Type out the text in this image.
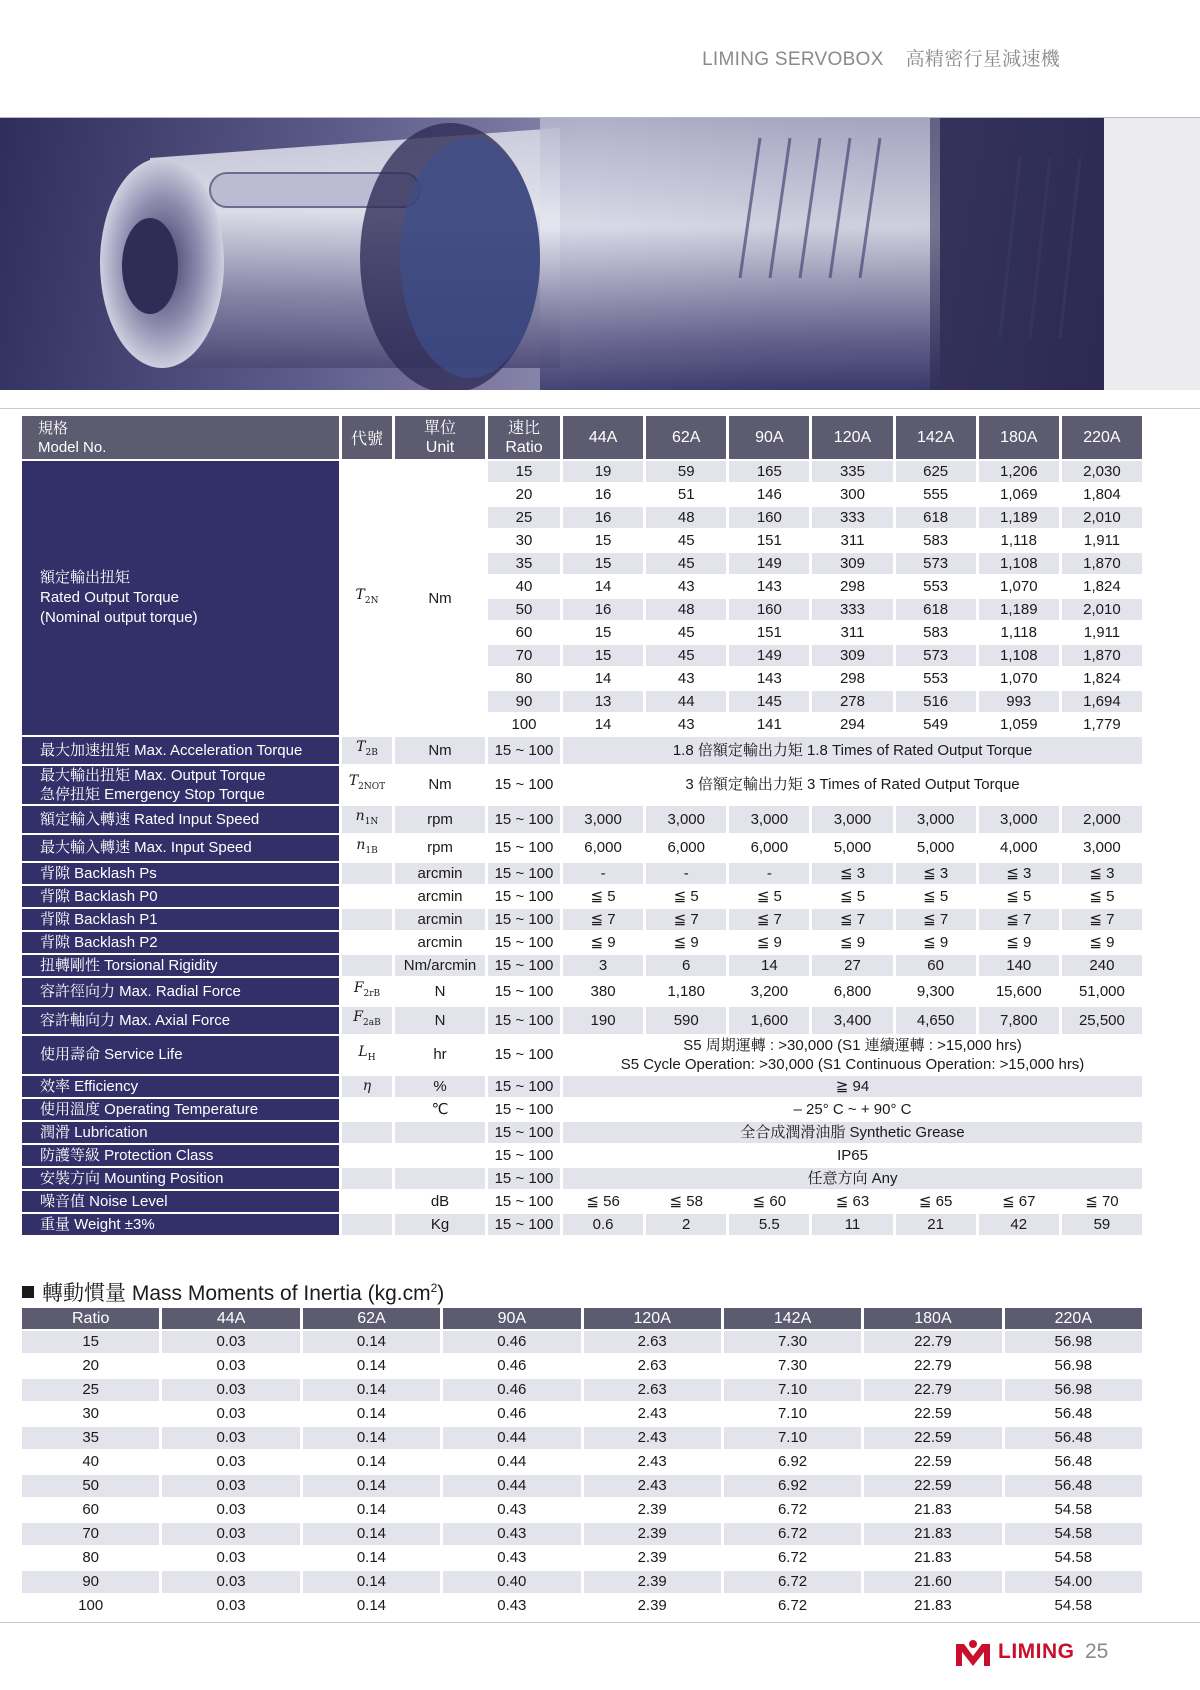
LIMING SERVOBOX 高精密行星減速機
規格
Model No.	代號	單位
Unit	速比
Ratio	44A	62A	90A	120A	142A	180A	220A
額定輸出扭矩
Rated Output Torque
(Nominal output torque)	$T_{2N}$	Nm	15	19	59	165	335	625	1,206	2,030
			20	16	51	146	300	555	1,069	1,804
			25	16	48	160	333	618	1,189	2,010
			30	15	45	151	311	583	1,118	1,911
			35	15	45	149	309	573	1,108	1,870
			40	14	43	143	298	553	1,070	1,824
			50	16	48	160	333	618	1,189	2,010
			60	15	45	151	311	583	1,118	1,911
			70	15	45	149	309	573	1,108	1,870
			80	14	43	143	298	553	1,070	1,824
			90	13	44	145	278	516	993	1,694
			100	14	43	141	294	549	1,059	1,779
最大加速扭矩 Max. Acceleration Torque	$T_{2B}$	Nm	15 ~ 100	1.8 倍額定輸出力矩 1.8 Times of Rated Output Torque						
最大輸出扭矩 Max. Output Torque
急停扭矩 Emergency Stop Torque	$T_{2NOT}$	Nm	15 ~ 100	3 倍額定輸出力矩 3 Times of Rated Output Torque						
額定輸入轉速 Rated Input Speed	$n_{1N}$	rpm	15 ~ 100	3,000	3,000	3,000	3,000	3,000	3,000	2,000
最大輸入轉速 Max. Input Speed	$n_{1B}$	rpm	15 ~ 100	6,000	6,000	6,000	5,000	5,000	4,000	3,000
背隙 Backlash Ps		arcmin	15 ~ 100	-	-	-	≦ 3	≦ 3	≦ 3	≦ 3
背隙 Backlash P0		arcmin	15 ~ 100	≦ 5	≦ 5	≦ 5	≦ 5	≦ 5	≦ 5	≦ 5
背隙 Backlash P1		arcmin	15 ~ 100	≦ 7	≦ 7	≦ 7	≦ 7	≦ 7	≦ 7	≦ 7
背隙 Backlash P2		arcmin	15 ~ 100	≦ 9	≦ 9	≦ 9	≦ 9	≦ 9	≦ 9	≦ 9
扭轉剛性 Torsional Rigidity		Nm/arcmin	15 ~ 100	3	6	14	27	60	140	240
容許徑向力 Max. Radial Force	$F_{2rB}$	N	15 ~ 100	380	1,180	3,200	6,800	9,300	15,600	51,000
容許軸向力 Max. Axial Force	$F_{2aB}$	N	15 ~ 100	190	590	1,600	3,400	4,650	7,800	25,500
使用壽命 Service Life	$L_H$	hr	15 ~ 100	S5 周期運轉 : >30,000 (S1 連續運轉 : >15,000 hrs)
S5 Cycle Operation: >30,000 (S1 Continuous Operation: >15,000 hrs)						
效率 Efficiency	η	%	15 ~ 100	≧ 94						
使用溫度 Operating Temperature		℃	15 ~ 100	– 25° C ~ + 90° C						
潤滑 Lubrication			15 ~ 100	全合成潤滑油脂 Synthetic Grease						
防護等級 Protection Class			15 ~ 100	IP65						
安裝方向 Mounting Position			15 ~ 100	任意方向 Any						
噪音值 Noise Level		dB	15 ~ 100	≦ 56	≦ 58	≦ 60	≦ 63	≦ 65	≦ 67	≦ 70
重量 Weight ±3%		Kg	15 ~ 100	0.6	2	5.5	11	21	42	59
轉動慣量 Mass Moments of Inertia $(kg.cm^2)$
Ratio	44A	62A	90A	120A	142A	180A	220A
15	0.03	0.14	0.46	2.63	7.30	22.79	56.98
20	0.03	0.14	0.46	2.63	7.30	22.79	56.98
25	0.03	0.14	0.46	2.63	7.10	22.79	56.98
30	0.03	0.14	0.46	2.43	7.10	22.59	56.48
35	0.03	0.14	0.44	2.43	7.10	22.59	56.48
40	0.03	0.14	0.44	2.43	6.92	22.59	56.48
50	0.03	0.14	0.44	2.43	6.92	22.59	56.48
60	0.03	0.14	0.43	2.39	6.72	21.83	54.58
70	0.03	0.14	0.43	2.39	6.72	21.83	54.58
80	0.03	0.14	0.43	2.39	6.72	21.83	54.58
90	0.03	0.14	0.40	2.39	6.72	21.60	54.00
100	0.03	0.14	0.43	2.39	6.72	21.83	54.58
LIMING 25
